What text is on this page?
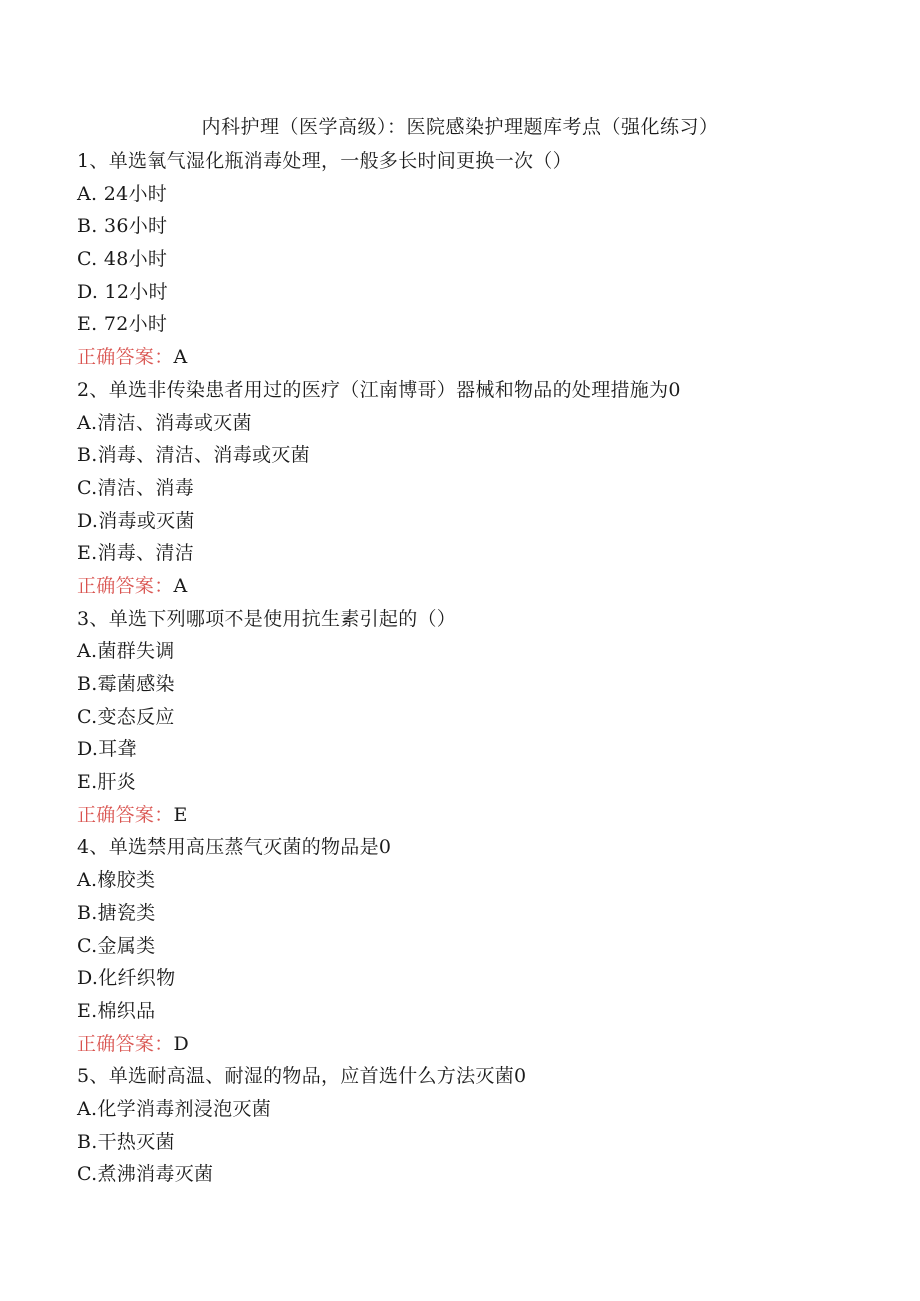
内科护理（医学高级）：医院感染护理题库考点（强化练习）
1、单选氧气湿化瓶消毒处理，一般多长时间更换一次（）
A. 24小时
B. 36小时
C. 48小时
D. 12小时
E. 72小时
正确答案：A
2、单选非传染患者用过的医疗（江南博哥）器械和物品的处理措施为0
A.清洁、消毒或灭菌
B.消毒、清洁、消毒或灭菌
C.清洁、消毒
D.消毒或灭菌
E.消毒、清洁
正确答案：A
3、单选下列哪项不是使用抗生素引起的（）
A.菌群失调
B.霉菌感染
C.变态反应
D.耳聋
E.肝炎
正确答案：E
4、单选禁用高压蒸气灭菌的物品是0
A.橡胶类
B.搪瓷类
C.金属类
D.化纤织物
E.棉织品
正确答案：D
5、单选耐高温、耐湿的物品，应首选什么方法灭菌0
A.化学消毒剂浸泡灭菌
B.干热灭菌
C.煮沸消毒灭菌
